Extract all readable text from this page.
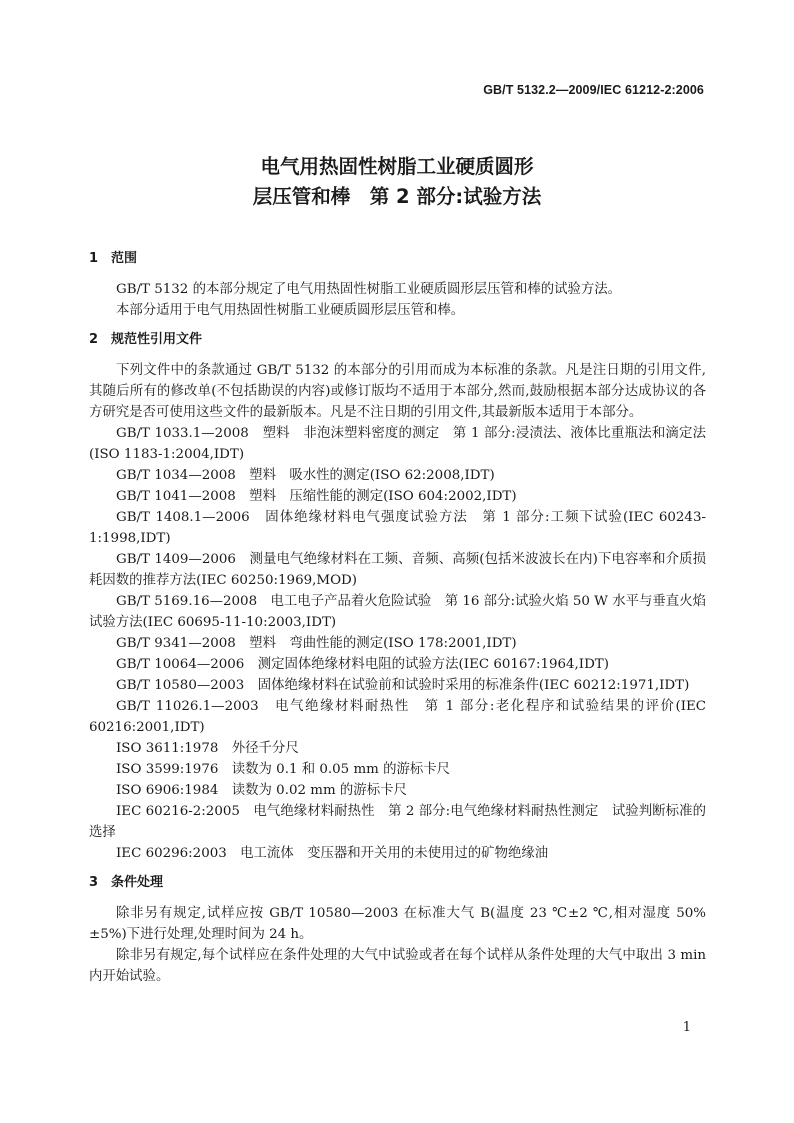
GB/T 5132.2—2009/IEC 61212-2:2006
电气用热固性树脂工业硬质圆形
层压管和棒　第 2 部分:试验方法
1 范围

GB/T 5132 的本部分规定了电气用热固性树脂工业硬质圆形层压管和棒的试验方法。

本部分适用于电气用热固性树脂工业硬质圆形层压管和棒。

2 规范性引用文件

下列文件中的条款通过 GB/T 5132 的本部分的引用而成为本标准的条款。凡是注日期的引用文件,其随后所有的修改单(不包括勘误的内容)或修订版均不适用于本部分,然而,鼓励根据本部分达成协议的各方研究是否可使用这些文件的最新版本。凡是不注日期的引用文件,其最新版本适用于本部分。

GB/T 1033.1—2008　塑料　非泡沫塑料密度的测定　第 1 部分:浸渍法、液体比重瓶法和滴定法(ISO 1183-1:2004,IDT)

GB/T 1034—2008　塑料　吸水性的测定(ISO 62:2008,IDT)

GB/T 1041—2008　塑料　压缩性能的测定(ISO 604:2002,IDT)

GB/T 1408.1—2006　固体绝缘材料电气强度试验方法　第 1 部分:工频下试验(IEC 60243-1:1998,IDT)

GB/T 1409—2006　测量电气绝缘材料在工频、音频、高频(包括米波波长在内)下电容率和介质损耗因数的推荐方法(IEC 60250:1969,MOD)

GB/T 5169.16—2008　电工电子产品着火危险试验　第 16 部分:试验火焰 50 W 水平与垂直火焰试验方法(IEC 60695-11-10:2003,IDT)

GB/T 9341—2008　塑料　弯曲性能的测定(ISO 178:2001,IDT)

GB/T 10064—2006　测定固体绝缘材料电阻的试验方法(IEC 60167:1964,IDT)

GB/T 10580—2003　固体绝缘材料在试验前和试验时采用的标准条件(IEC 60212:1971,IDT)

GB/T 11026.1—2003　电气绝缘材料耐热性　第 1 部分:老化程序和试验结果的评价(IEC 60216:2001,IDT)

ISO 3611:1978　外径千分尺

ISO 3599:1976　读数为 0.1 和 0.05 mm 的游标卡尺

ISO 6906:1984　读数为 0.02 mm 的游标卡尺

IEC 60216-2:2005　电气绝缘材料耐热性　第 2 部分:电气绝缘材料耐热性测定　试验判断标准的选择

IEC 60296:2003　电工流体　变压器和开关用的未使用过的矿物绝缘油

3 条件处理

除非另有规定,试样应按 GB/T 10580—2003 在标准大气 B(温度 23 ℃±2 ℃,相对湿度 50%±5%)下进行处理,处理时间为 24 h。

除非另有规定,每个试样应在条件处理的大气中试验或者在每个试样从条件处理的大气中取出 3 min 内开始试验。

1
